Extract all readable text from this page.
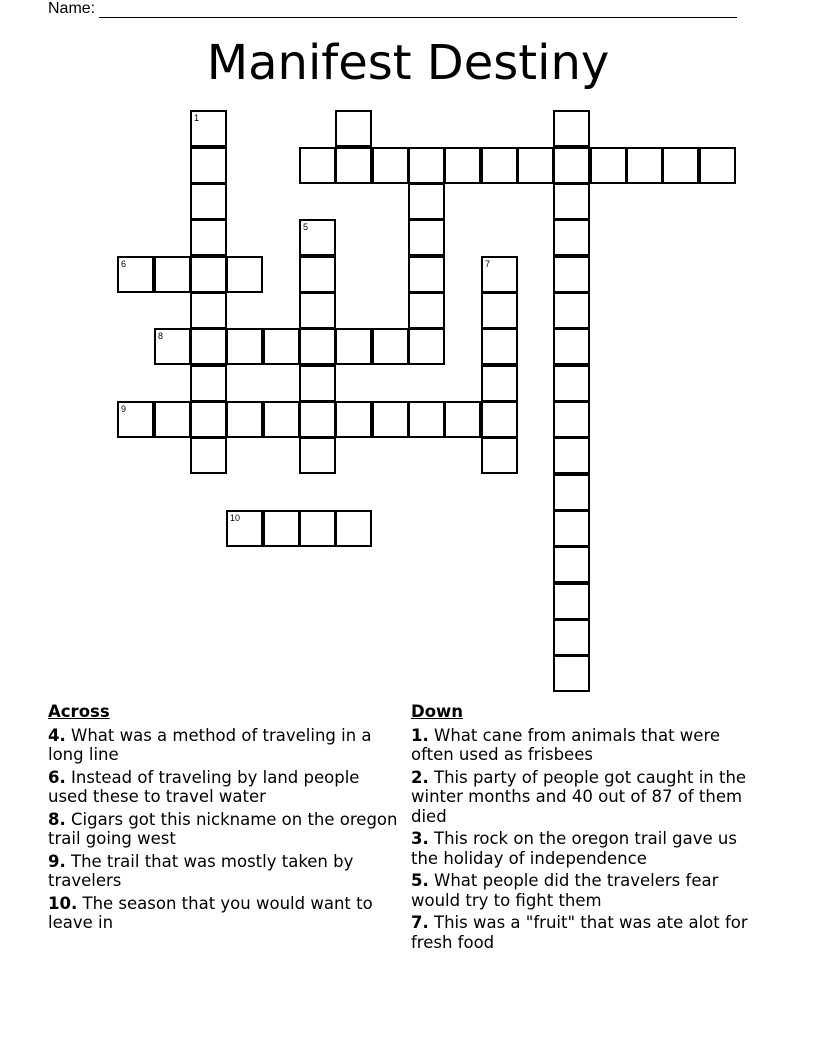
Name:
Manifest Destiny
1
5
6	7
8
9
10
Across
4. What was a method of traveling in a long line
6. Instead of traveling by land people used these to travel water
8. Cigars got this nickname on the oregon trail going west
9. The trail that was mostly taken by travelers
10. The season that you would want to leave in
Down
1. What cane from animals that were often used as frisbees
2. This party of people got caught in the winter months and 40 out of 87 of them died
3. This rock on the oregon trail gave us the holiday of independence
5. What people did the travelers fear would try to fight them
7. This was a "fruit" that was ate alot for fresh food
